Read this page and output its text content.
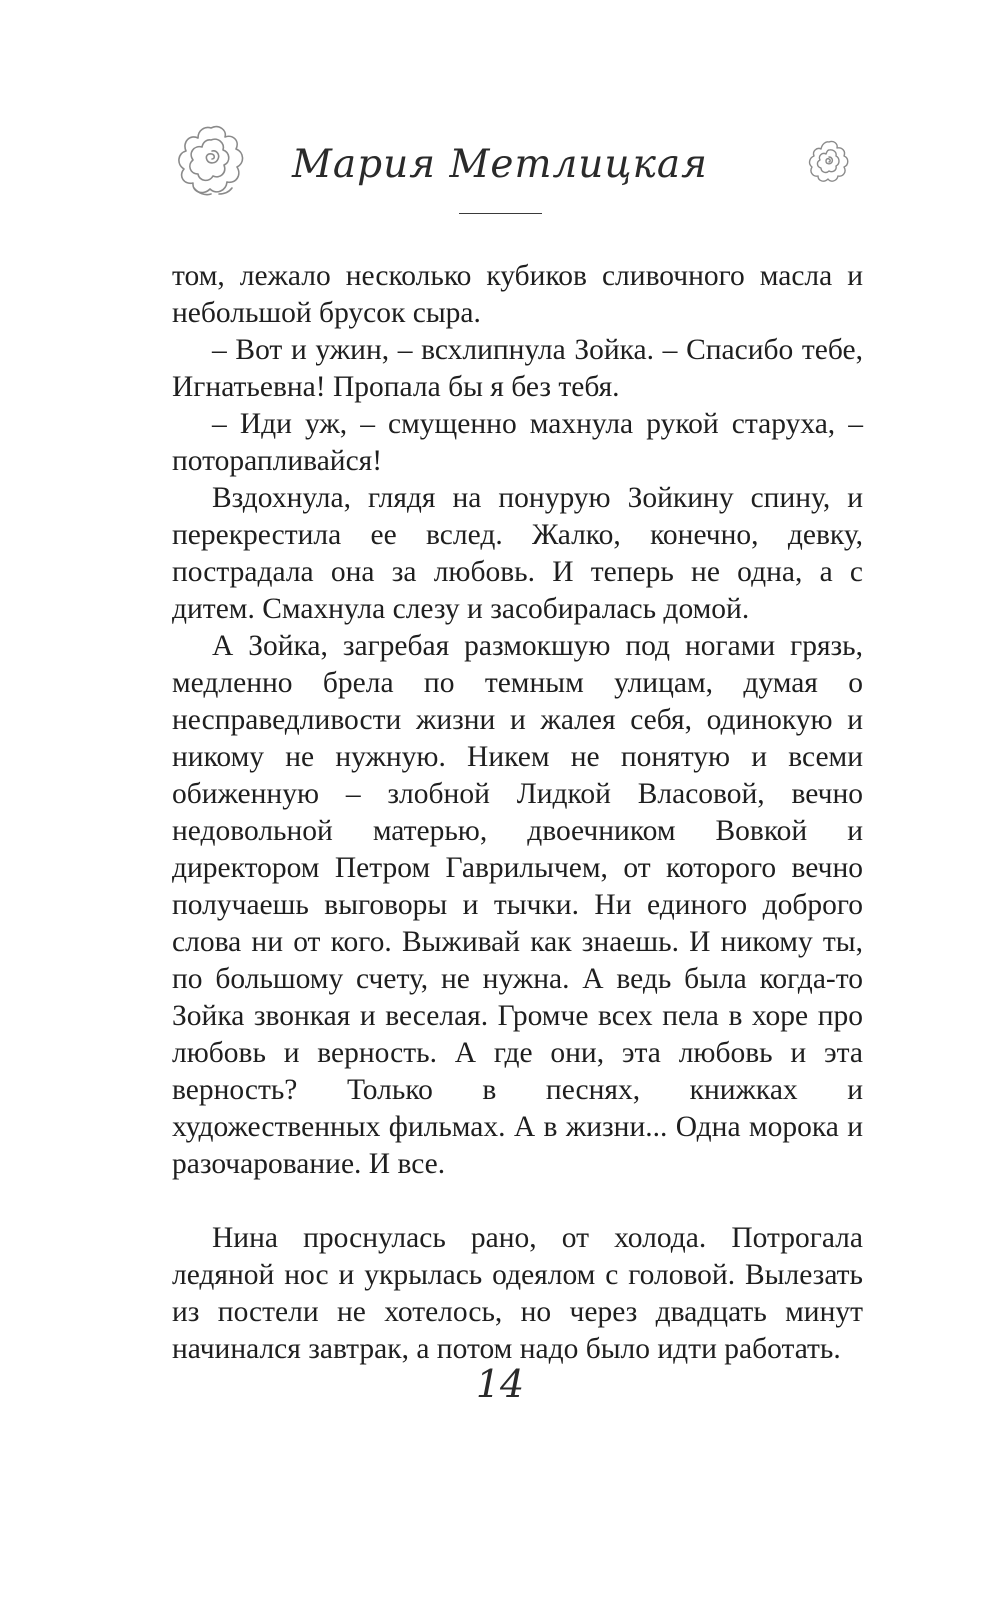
Мария Метлицкая

том, лежало несколько кубиков сливочного масла и небольшой брусок сыра.

– Вот и ужин, – всхлипнула Зойка. – Спасибо тебе, Игнатьевна! Пропала бы я без тебя.

– Иди уж, – смущенно махнула рукой старуха, – поторапливайся!

Вздохнула, глядя на понурую Зойкину спину, и перекрестила ее вслед. Жалко, конечно, девку, пострадала она за любовь. И теперь не одна, а с дитем. Смахнула слезу и засобиралась домой.

А Зойка, загребая размокшую под ногами грязь, медленно брела по темным улицам, думая о несправедливости жизни и жалея себя, одинокую и никому не нужную. Никем не понятую и всеми обиженную – злобной Лидкой Власовой, вечно недовольной матерью, двоечником Вовкой и директором Петром Гаврилычем, от которого вечно получаешь выговоры и тычки. Ни единого доброго слова ни от кого. Выживай как знаешь. И никому ты, по большому счету, не нужна. А ведь была когда-то Зойка звонкая и веселая. Громче всех пела в хоре про любовь и верность. А где они, эта любовь и эта верность? Только в песнях, книжках и художественных фильмах. А в жизни... Одна морока и разочарование. И все.

Нина проснулась рано, от холода. Потрогала ледяной нос и укрылась одеялом с головой. Вылезать из постели не хотелось, но через двадцать минут начинался завтрак, а потом надо было идти работать.

14
